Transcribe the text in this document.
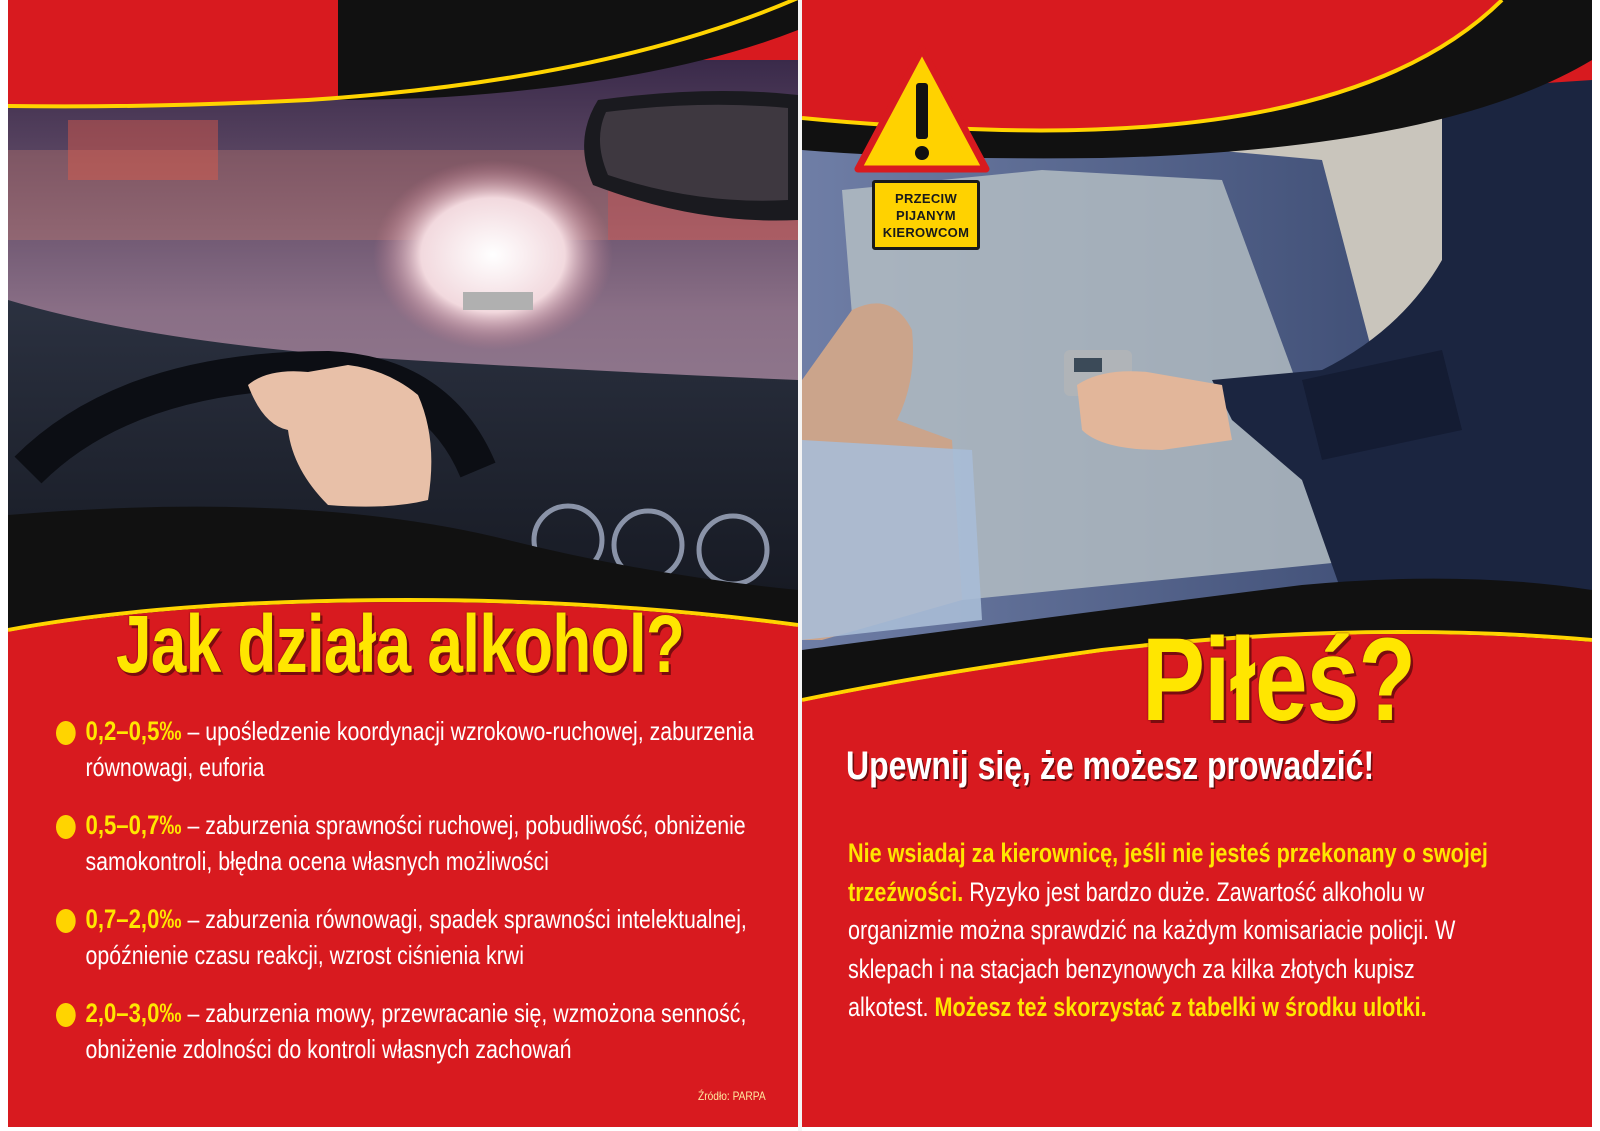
Jak działa alkohol?
0,2–0,5‰ – upośledzenie koordynacji wzrokowo-ruchowej, zaburzenia równowagi, euforia
0,5–0,7‰ – zaburzenia sprawności ruchowej, pobudliwość, obniżenie samokontroli, błędna ocena własnych możliwości
0,7–2,0‰ – zaburzenia równowagi, spadek sprawności intelektualnej, opóźnienie czasu reakcji, wzrost ciśnienia krwi
2,0–3,0‰ – zaburzenia mowy, przewracanie się, wzmożona senność, obniżenie zdolności do kontroli własnych zachowań
Źródło: PARPA
PRZECIW
PIJANYM
KIEROWCOM
Piłeś?
Upewnij się, że możesz prowadzić!

Nie wsiadaj za kierownicę, jeśli nie jesteś przekonany o swojej trzeźwości. Ryzyko jest bardzo duże. Zawartość alkoholu w organizmie można sprawdzić na każdym komisariacie policji. W sklepach i na stacjach benzynowych za kilka złotych kupisz alkotest. Możesz też skorzystać z tabelki w środku ulotki.
